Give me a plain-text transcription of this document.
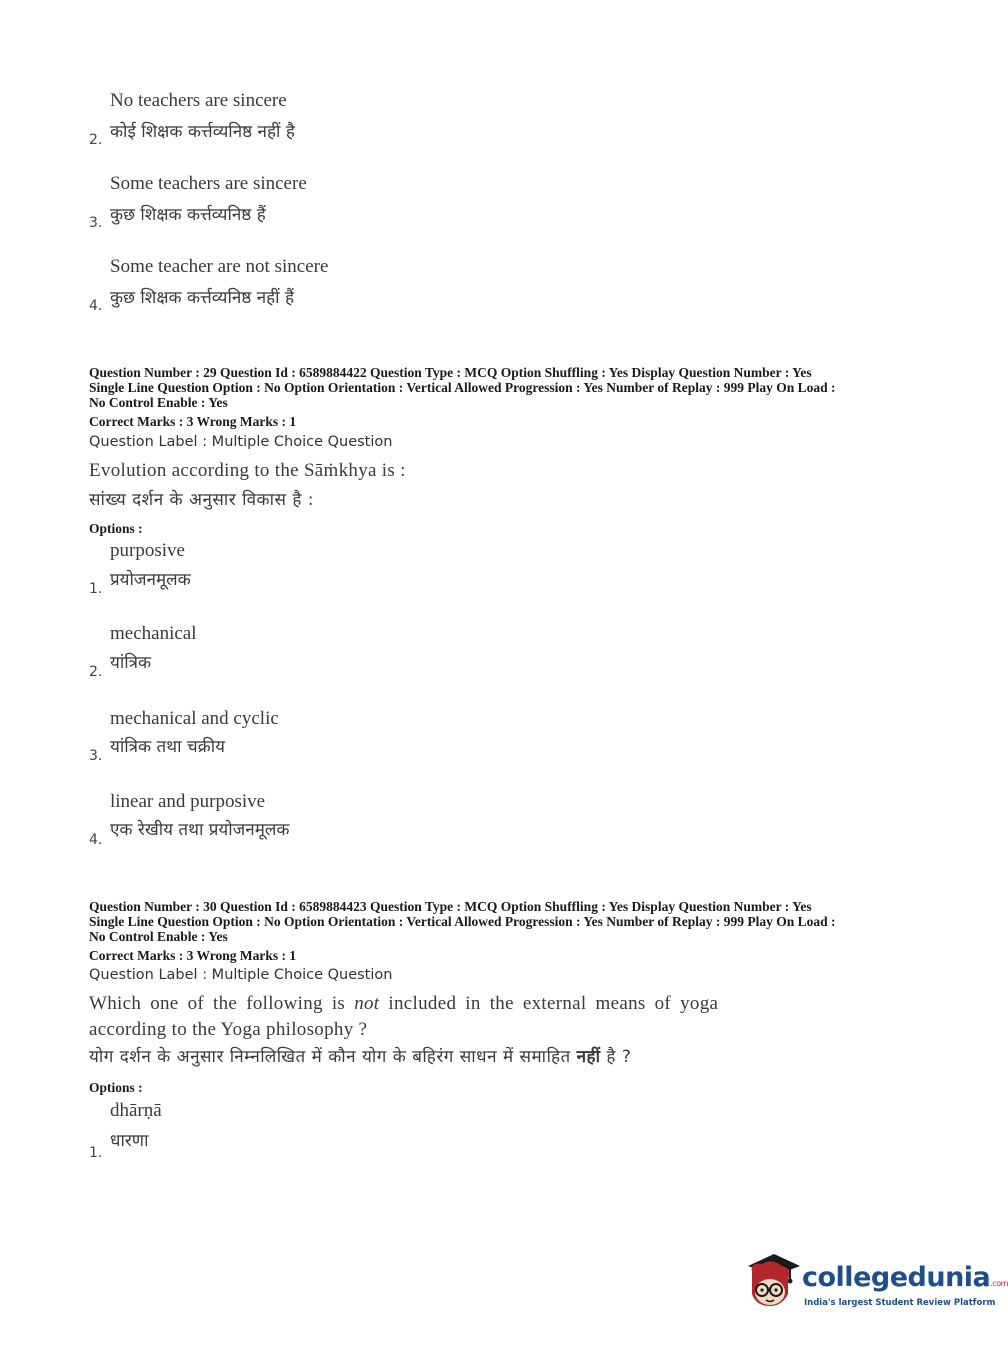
No teachers are sincere
2. कोई शिक्षक कर्त्तव्यनिष्ठ नहीं है
Some teachers are sincere
3. कुछ शिक्षक कर्त्तव्यनिष्ठ हैं
Some teacher are not sincere
4. कुछ शिक्षक कर्त्तव्यनिष्ठ नहीं हैं
Question Number : 29 Question Id : 6589884422 Question Type : MCQ Option Shuffling : Yes Display Question Number : Yes
Single Line Question Option : No Option Orientation : Vertical Allowed Progression : Yes Number of Replay : 999 Play On Load :
No Control Enable : Yes
Correct Marks : 3 Wrong Marks : 1
Question Label : Multiple Choice Question
Evolution according to the Sāṁkhya is :
सांख्य दर्शन के अनुसार विकास है :
Options :
purposive
1. प्रयोजनमूलक
mechanical
2. यांत्रिक
mechanical and cyclic
3. यांत्रिक तथा चक्रीय
linear and purposive
4. एक रेखीय तथा प्रयोजनमूलक
Question Number : 30 Question Id : 6589884423 Question Type : MCQ Option Shuffling : Yes Display Question Number : Yes
Single Line Question Option : No Option Orientation : Vertical Allowed Progression : Yes Number of Replay : 999 Play On Load :
No Control Enable : Yes
Correct Marks : 3 Wrong Marks : 1
Question Label : Multiple Choice Question
Which one of the following is not included in the external means of yoga
according to the Yoga philosophy ?
योग दर्शन के अनुसार निम्नलिखित में कौन योग के बहिरंग साधन में समाहित नहीं है ?
Options :
dhārṇā
1.
धारणा
collegedunia.com
India's largest Student Review Platform
